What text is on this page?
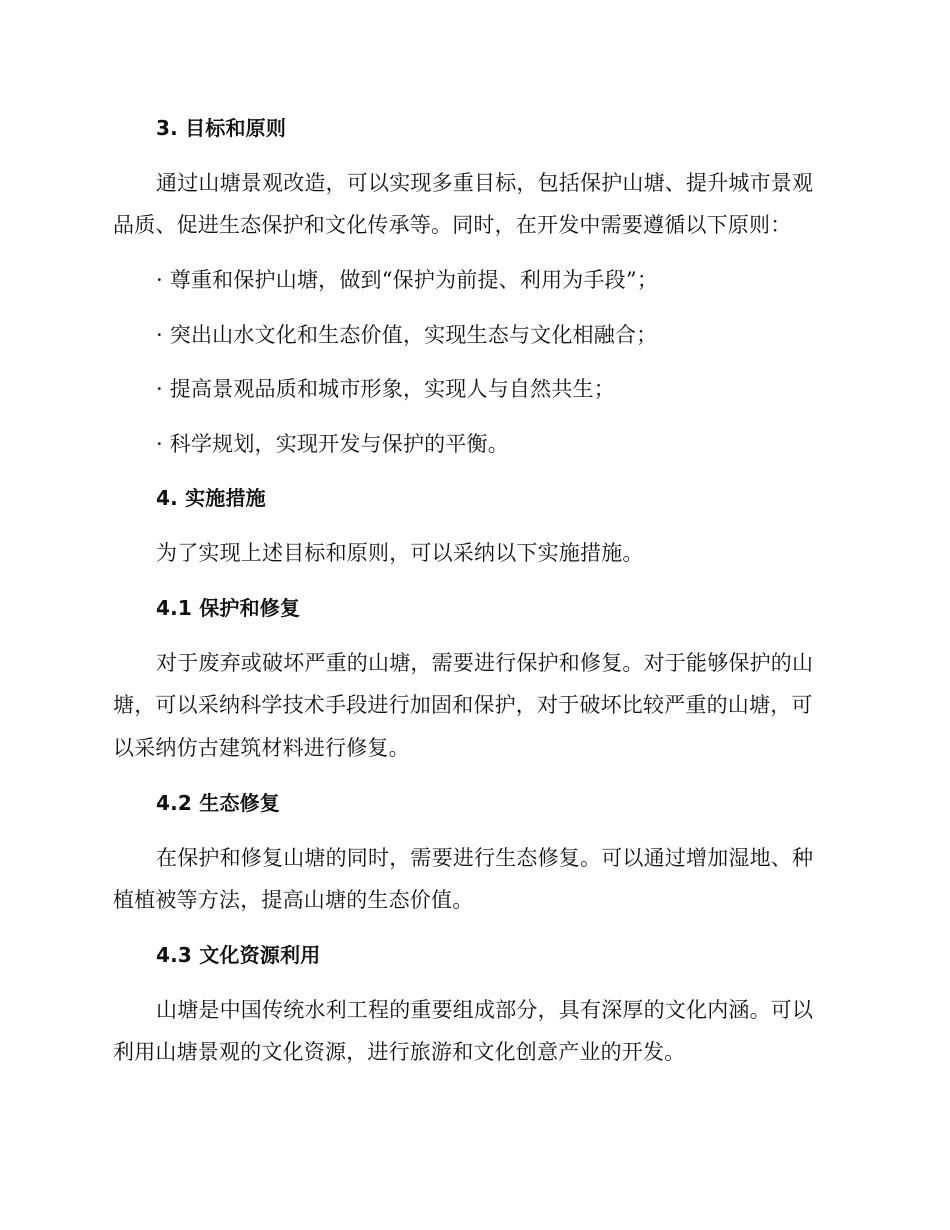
3. 目标和原则
通过山塘景观改造，可以实现多重目标，包括保护山塘、提升城市景观
品质、促进生态保护和文化传承等。同时，在开发中需要遵循以下原则：
· 尊重和保护山塘，做到“保护为前提、利用为手段”；
· 突出山水文化和生态价值，实现生态与文化相融合；
· 提高景观品质和城市形象，实现人与自然共生；
· 科学规划，实现开发与保护的平衡。
4. 实施措施
为了实现上述目标和原则，可以采纳以下实施措施。
4.1 保护和修复
对于废弃或破坏严重的山塘，需要进行保护和修复。对于能够保护的山
塘，可以采纳科学技术手段进行加固和保护，对于破坏比较严重的山塘，可
以采纳仿古建筑材料进行修复。
4.2 生态修复
在保护和修复山塘的同时，需要进行生态修复。可以通过增加湿地、种
植植被等方法，提高山塘的生态价值。
4.3 文化资源利用
山塘是中国传统水利工程的重要组成部分，具有深厚的文化内涵。可以
利用山塘景观的文化资源，进行旅游和文化创意产业的开发。
